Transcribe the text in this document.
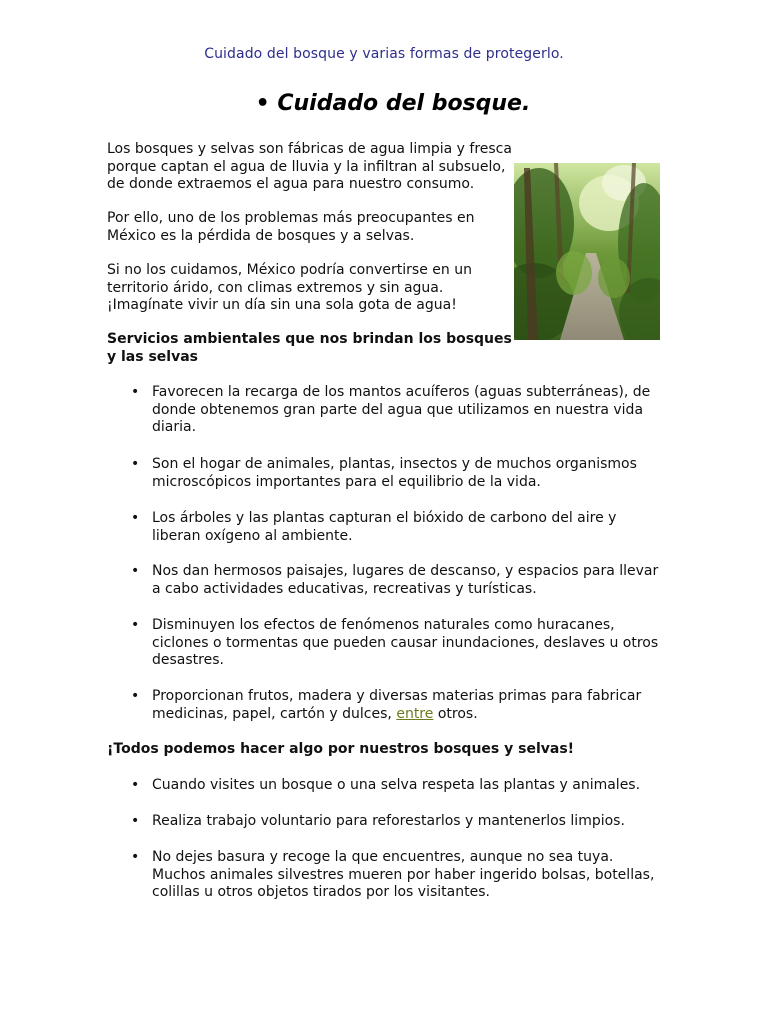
Cuidado del bosque y varias formas de protegerlo.
• Cuidado del bosque.
Los bosques y selvas son fábricas de agua limpia y fresca
porque captan el agua de lluvia y la infiltran al subsuelo,
de donde extraemos el agua para nuestro consumo.
Por ello, uno de los problemas más preocupantes en
México es la pérdida de bosques y a selvas.
Si no los cuidamos, México podría convertirse en un
territorio árido, con climas extremos y sin agua.
¡Imagínate vivir un día sin una sola gota de agua!
Servicios ambientales que nos brindan los bosques
y las selvas
• Favorecen la recarga de los mantos acuíferos (aguas subterráneas), de
donde obtenemos gran parte del agua que utilizamos en nuestra vida
diaria.
• Son el hogar de animales, plantas, insectos y de muchos organismos
microscópicos importantes para el equilibrio de la vida.
• Los árboles y las plantas capturan el bióxido de carbono del aire y
liberan oxígeno al ambiente.
• Nos dan hermosos paisajes, lugares de descanso, y espacios para llevar
a cabo actividades educativas, recreativas y turísticas.
• Disminuyen los efectos de fenómenos naturales como huracanes,
ciclones o tormentas que pueden causar inundaciones, deslaves u otros
desastres.
• Proporcionan frutos, madera y diversas materias primas para fabricar
medicinas, papel, cartón y dulces, entre otros.
¡Todos podemos hacer algo por nuestros bosques y selvas!
• Cuando visites un bosque o una selva respeta las plantas y animales.
• Realiza trabajo voluntario para reforestarlos y mantenerlos limpios.
• No dejes basura y recoge la que encuentres, aunque no sea tuya.
Muchos animales silvestres mueren por haber ingerido bolsas, botellas,
colillas u otros objetos tirados por los visitantes.
